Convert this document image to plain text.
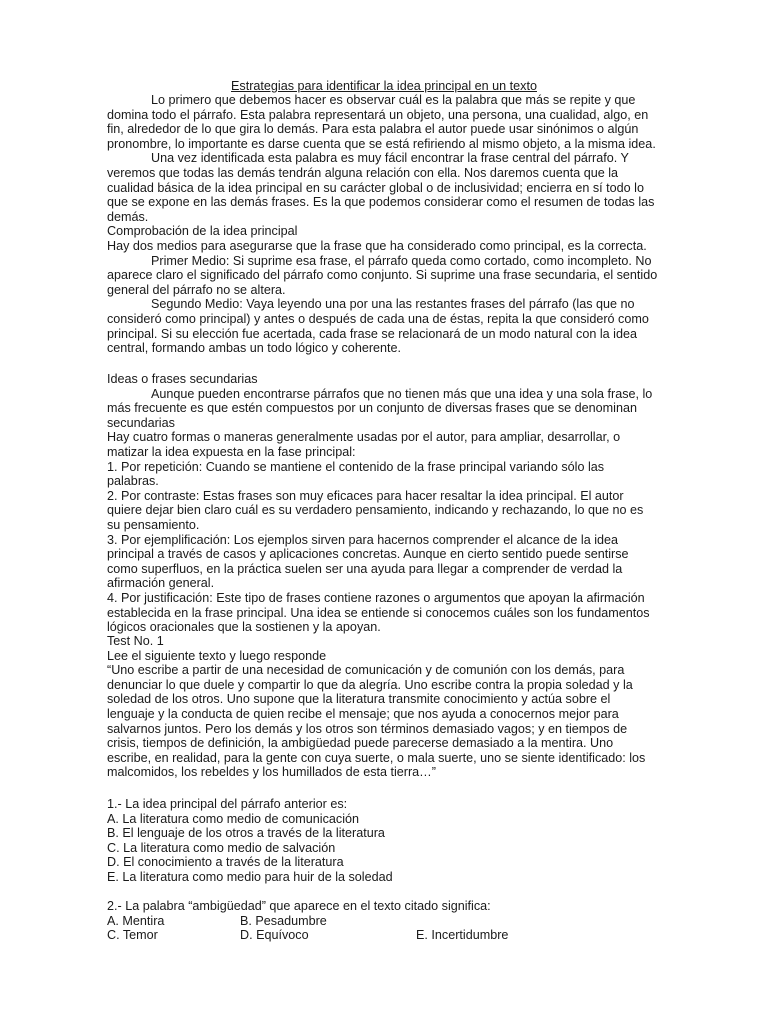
Estrategias para identificar la idea principal en un texto

Lo primero que debemos hacer es observar cuál es la palabra que más se repite y que domina todo el párrafo. Esta palabra representará un objeto, una persona, una cualidad, algo, en fin, alrededor de lo que gira lo demás. Para esta palabra el autor puede usar sinónimos o algún pronombre, lo importante es darse cuenta que se está refiriendo al mismo objeto, a la misma idea.

Una vez identificada esta palabra es muy fácil encontrar la frase central del párrafo. Y veremos que todas las demás tendrán alguna relación con ella. Nos daremos cuenta que la cualidad básica de la idea principal en su carácter global o de inclusividad; encierra en sí todo lo que se expone en las demás frases. Es la que podemos considerar como el resumen de todas las demás.

Comprobación de la idea principal

Hay dos medios para asegurarse que la frase que ha considerado como principal, es la correcta.

Primer Medio: Si suprime esa frase, el párrafo queda como cortado, como incompleto. No aparece claro el significado del párrafo como conjunto. Si suprime una frase secundaria, el sentido general del párrafo no se altera.

Segundo Medio: Vaya leyendo una por una las restantes frases del párrafo (las que no consideró como principal) y antes o después de cada una de éstas, repita la que consideró como principal. Si su elección fue acertada, cada frase se relacionará de un modo natural con la idea central, formando ambas un todo lógico y coherente.

Ideas o frases secundarias

Aunque pueden encontrarse párrafos que no tienen más que una idea y una sola frase, lo más frecuente es que estén compuestos por un conjunto de diversas frases que se denominan secundarias

Hay cuatro formas o maneras generalmente usadas por el autor, para ampliar, desarrollar, o matizar la idea expuesta en la fase principal:

1. Por repetición: Cuando se mantiene el contenido de la frase principal variando sólo las palabras.

2. Por contraste: Estas frases son muy eficaces para hacer resaltar la idea principal. El autor quiere dejar bien claro cuál es su verdadero pensamiento, indicando y rechazando, lo que no es su pensamiento.

3. Por ejemplificación: Los ejemplos sirven para hacernos comprender el alcance de la idea principal a través de casos y aplicaciones concretas. Aunque en cierto sentido puede sentirse como superfluos, en la práctica suelen ser una ayuda para llegar a comprender de verdad la afirmación general.

4. Por justificación: Este tipo de frases contiene razones o argumentos que apoyan la afirmación establecida en la frase principal. Una idea se entiende si conocemos cuáles son los fundamentos lógicos oracionales que la sostienen y la apoyan.

Test No. 1

Lee el siguiente texto y luego responde

“Uno escribe a partir de una necesidad de comunicación y de comunión con los demás, para denunciar lo que duele y compartir lo que da alegría. Uno escribe contra la propia soledad y la soledad de los otros. Uno supone que la literatura transmite conocimiento y actúa sobre el lenguaje y la conducta de quien recibe el mensaje; que nos ayuda a conocernos mejor para salvarnos juntos. Pero los demás y los otros son términos demasiado vagos; y en tiempos de crisis, tiempos de definición, la ambigüedad puede parecerse demasiado a la mentira. Uno escribe, en realidad, para la gente con cuya suerte, o mala suerte, uno se siente identificado: los malcomidos, los rebeldes y los humillados de esta tierra…”

1.- La idea principal del párrafo anterior es:

A. La literatura como medio de comunicación

B. El lenguaje de los otros a través de la literatura

C. La literatura como medio de salvación

D. El conocimiento a través de la literatura

E. La literatura como medio para huir de la soledad

2.- La palabra “ambigüedad” que aparece en el texto citado significa:

A. Mentira	B. Pesadumbre
C. Temor	D. Equívoco	E. Incertidumbre
